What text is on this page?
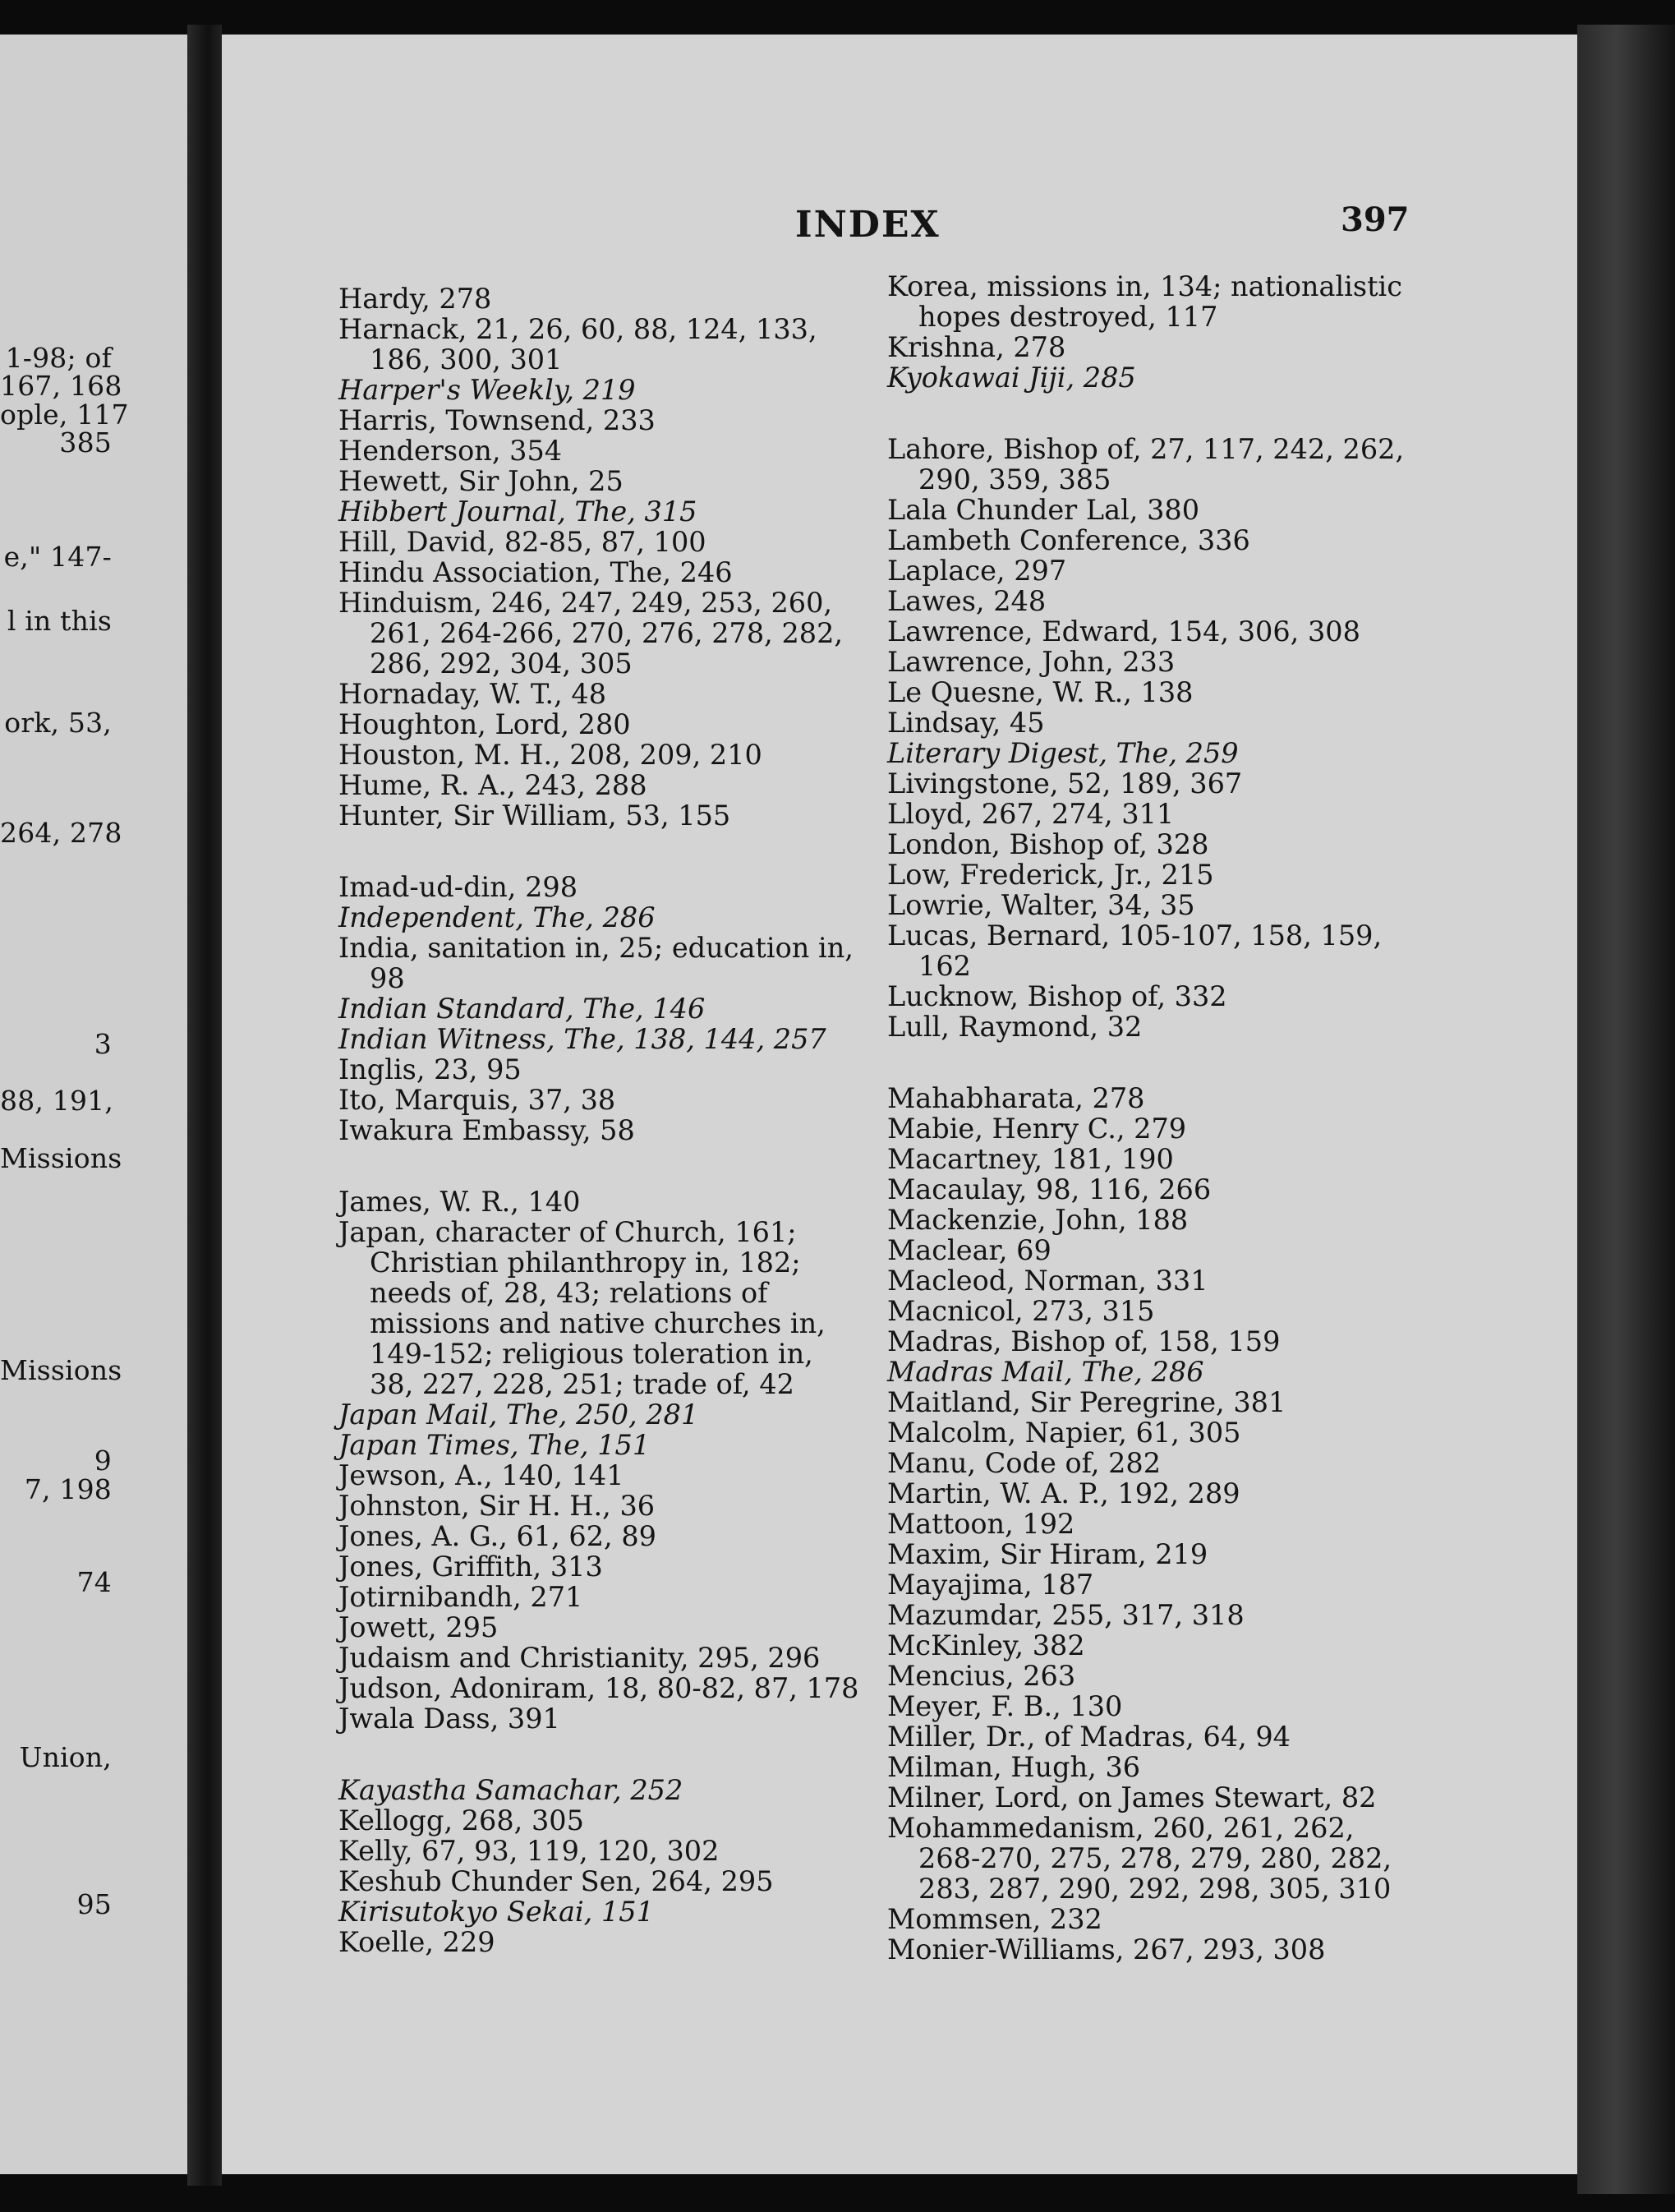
1-98; of
167, 168
ople, 117
385
e," 147-
l in this
ork, 53,
264, 278
3
88, 191,
Missions
Missions
9
7, 198
74
Union,
95
INDEX	397
Hardy, 278
Harnack, 21, 26, 60, 88, 124, 133, 186, 300, 301
Harper's Weekly, 219
Harris, Townsend, 233
Henderson, 354
Hewett, Sir John, 25
Hibbert Journal, The, 315
Hill, David, 82-85, 87, 100
Hindu Association, The, 246
Hinduism, 246, 247, 249, 253, 260, 261, 264-266, 270, 276, 278, 282, 286, 292, 304, 305
Hornaday, W. T., 48
Houghton, Lord, 280
Houston, M. H., 208, 209, 210
Hume, R. A., 243, 288
Hunter, Sir William, 53, 155
Imad-ud-din, 298
Independent, The, 286
India, sanitation in, 25; education in, 98
Indian Standard, The, 146
Indian Witness, The, 138, 144, 257
Inglis, 23, 95
Ito, Marquis, 37, 38
Iwakura Embassy, 58
James, W. R., 140
Japan, character of Church, 161; Christian philanthropy in, 182; needs of, 28, 43; relations of missions and native churches in, 149-152; religious toleration in, 38, 227, 228, 251; trade of, 42
Japan Mail, The, 250, 281
Japan Times, The, 151
Jewson, A., 140, 141
Johnston, Sir H. H., 36
Jones, A. G., 61, 62, 89
Jones, Griffith, 313
Jotirnibandh, 271
Jowett, 295
Judaism and Christianity, 295, 296
Judson, Adoniram, 18, 80-82, 87, 178
Jwala Dass, 391
Kayastha Samachar, 252
Kellogg, 268, 305
Kelly, 67, 93, 119, 120, 302
Keshub Chunder Sen, 264, 295
Kirisutokyo Sekai, 151
Koelle, 229
Korea, missions in, 134; nationalistic hopes destroyed, 117
Krishna, 278
Kyokawai Jiji, 285
Lahore, Bishop of, 27, 117, 242, 262, 290, 359, 385
Lala Chunder Lal, 380
Lambeth Conference, 336
Laplace, 297
Lawes, 248
Lawrence, Edward, 154, 306, 308
Lawrence, John, 233
Le Quesne, W. R., 138
Lindsay, 45
Literary Digest, The, 259
Livingstone, 52, 189, 367
Lloyd, 267, 274, 311
London, Bishop of, 328
Low, Frederick, Jr., 215
Lowrie, Walter, 34, 35
Lucas, Bernard, 105-107, 158, 159, 162
Lucknow, Bishop of, 332
Lull, Raymond, 32
Mahabharata, 278
Mabie, Henry C., 279
Macartney, 181, 190
Macaulay, 98, 116, 266
Mackenzie, John, 188
Maclear, 69
Macleod, Norman, 331
Macnicol, 273, 315
Madras, Bishop of, 158, 159
Madras Mail, The, 286
Maitland, Sir Peregrine, 381
Malcolm, Napier, 61, 305
Manu, Code of, 282
Martin, W. A. P., 192, 289
Mattoon, 192
Maxim, Sir Hiram, 219
Mayajima, 187
Mazumdar, 255, 317, 318
McKinley, 382
Mencius, 263
Meyer, F. B., 130
Miller, Dr., of Madras, 64, 94
Milman, Hugh, 36
Milner, Lord, on James Stewart, 82
Mohammedanism, 260, 261, 262, 268-270, 275, 278, 279, 280, 282, 283, 287, 290, 292, 298, 305, 310
Mommsen, 232
Monier-Williams, 267, 293, 308
